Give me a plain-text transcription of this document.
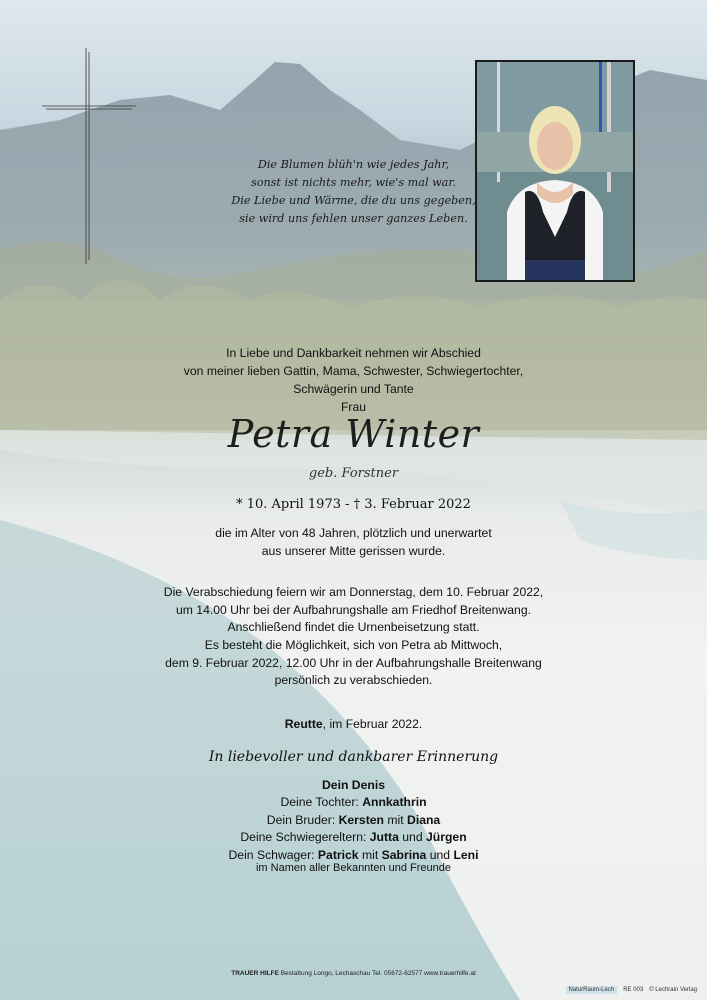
Die Blumen blüh'n wie jedes Jahr,
sonst ist nichts mehr, wie's mal war.
Die Liebe und Wärme, die du uns gegeben,
sie wird uns fehlen unser ganzes Leben.
In Liebe und Dankbarkeit nehmen wir Abschied
von meiner lieben Gattin, Mama, Schwester, Schwiegertochter,
Schwägerin und Tante
Frau
Petra Winter
geb. Forstner
* 10. April 1973 - † 3. Februar 2022
die im Alter von 48 Jahren, plötzlich und unerwartet
aus unserer Mitte gerissen wurde.
Die Verabschiedung feiern wir am Donnerstag, dem 10. Februar 2022,
um 14.00 Uhr bei der Aufbahrungshalle am Friedhof Breitenwang.
Anschließend findet die Urnenbeisetzung statt.
Es besteht die Möglichkeit, sich von Petra ab Mittwoch,
dem 9. Februar 2022, 12.00 Uhr in der Aufbahrungshalle Breitenwang
persönlich zu verabschieden.
Reutte, im Februar 2022.
In liebevoller und dankbarer Erinnerung
Dein Denis
Deine Tochter: Annkathrin
Dein Bruder: Kersten mit Diana
Deine Schwiegereltern: Jutta und Jürgen
Dein Schwager: Patrick mit Sabrina und Leni
im Namen aller Bekannten und Freunde
TRAUER HILFE Bestattung Longo, Lechaschau Tel. 05672-62577 www.trauerhilfe.at
NaturRaum-Lech RE 003 © Lechrain Verlag
